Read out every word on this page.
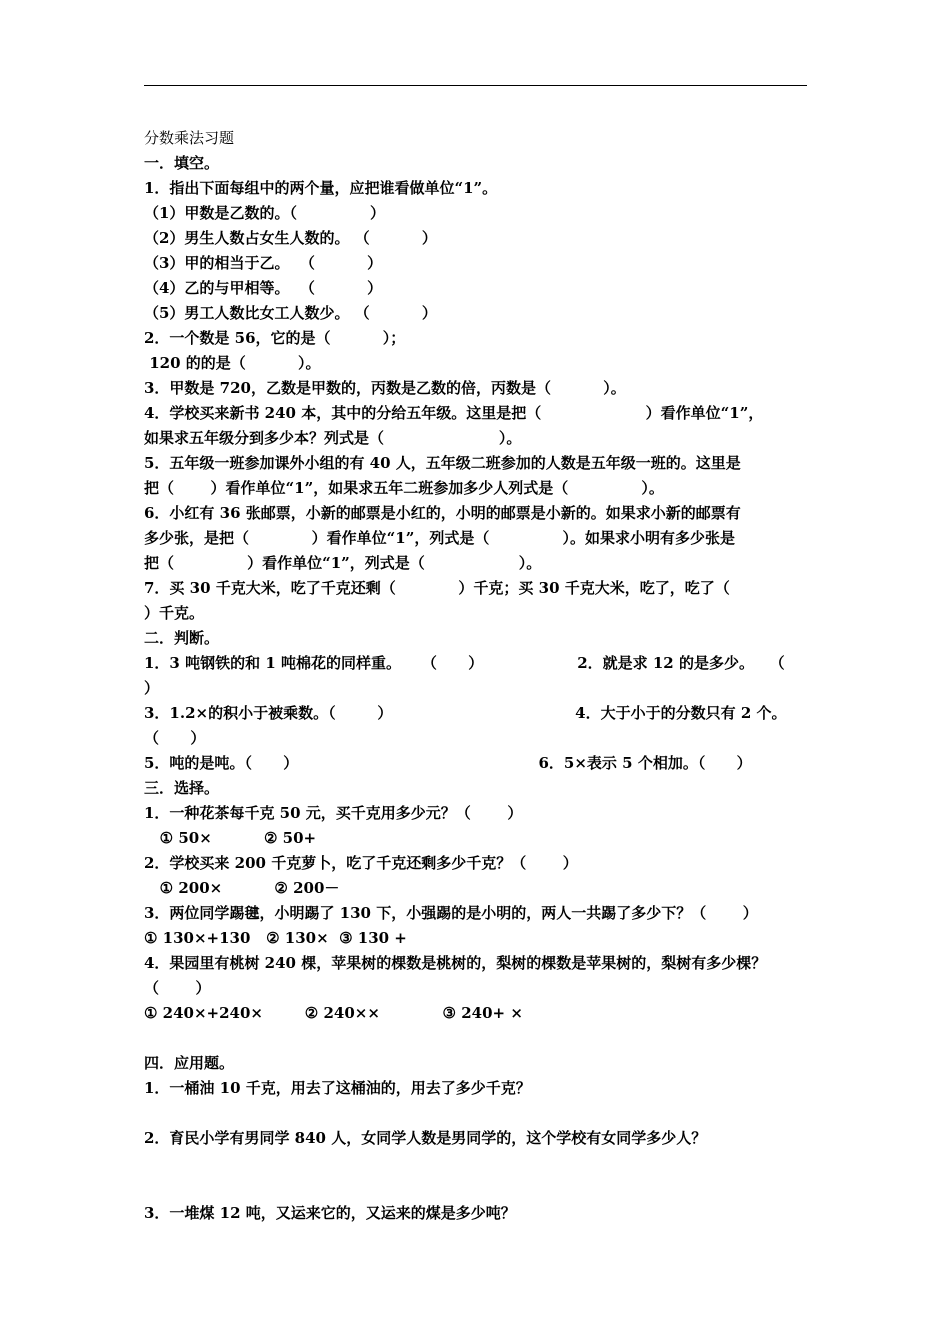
分数乘法习题
一．填空。
1．指出下面每组中的两个量，应把谁看做单位“1”。
（1）甲数是乙数的。（              ）
（2）男生人数占女生人数的。 （          ）
（3）甲的相当于乙。  （          ）
（4）乙的与甲相等。  （          ）
（5）男工人数比女工人数少。 （          ）
2．一个数是 56，它的是（          ）；
120 的的是（          ）。
3．甲数是 720，乙数是甲数的，丙数是乙数的倍，丙数是（          ）。
4．学校买来新书 240 本，其中的分给五年级。这里是把（                    ）看作单位“1”，
如果求五年级分到多少本？列式是（                      ）。
5．五年级一班参加课外小组的有 40 人，五年级二班参加的人数是五年级一班的。这里是
把（       ）看作单位“1”，如果求五年二班参加多少人列式是（              ）。
6．小红有 36 张邮票，小新的邮票是小红的，小明的邮票是小新的。如果求小新的邮票有
多少张，是把（            ）看作单位“1”，列式是（              ）。如果求小明有多少张是
把（              ）看作单位“1”，列式是（                  ）。
7．买 30 千克大米，吃了千克还剩（            ）千克；买 30 千克大米，吃了，吃了（
）千克。
二．判断。
1．3 吨钢铁的和 1 吨棉花的同样重。    （      ）                  2．就是求 12 的是多少。   （
）
3．1.2×的积小于被乘数。（        ）                                   4．大于小于的分数只有 2 个。
（      ）
5．吨的是吨。（      ）                                              6．5×表示 5 个相加。（      ）
三．选择。
1．一种花茶每千克 50 元，买千克用多少元？（       ）
① 50×          ② 50+
2．学校买来 200 千克萝卜，吃了千克还剩多少千克？（       ）
① 200×          ② 200－
3．两位同学踢毽，小明踢了 130 下，小强踢的是小明的，两人一共踢了多少下？（       ）
① 130×+130   ② 130×  ③ 130 +
4．果园里有桃树 240 棵，苹果树的棵数是桃树的，梨树的棵数是苹果树的，梨树有多少棵？
（       ）
① 240×+240×        ② 240××            ③ 240+ ×
四．应用题。
1．一桶油 10 千克，用去了这桶油的，用去了多少千克？
2．育民小学有男同学 840 人，女同学人数是男同学的，这个学校有女同学多少人？
3．一堆煤 12 吨，又运来它的，又运来的煤是多少吨？
